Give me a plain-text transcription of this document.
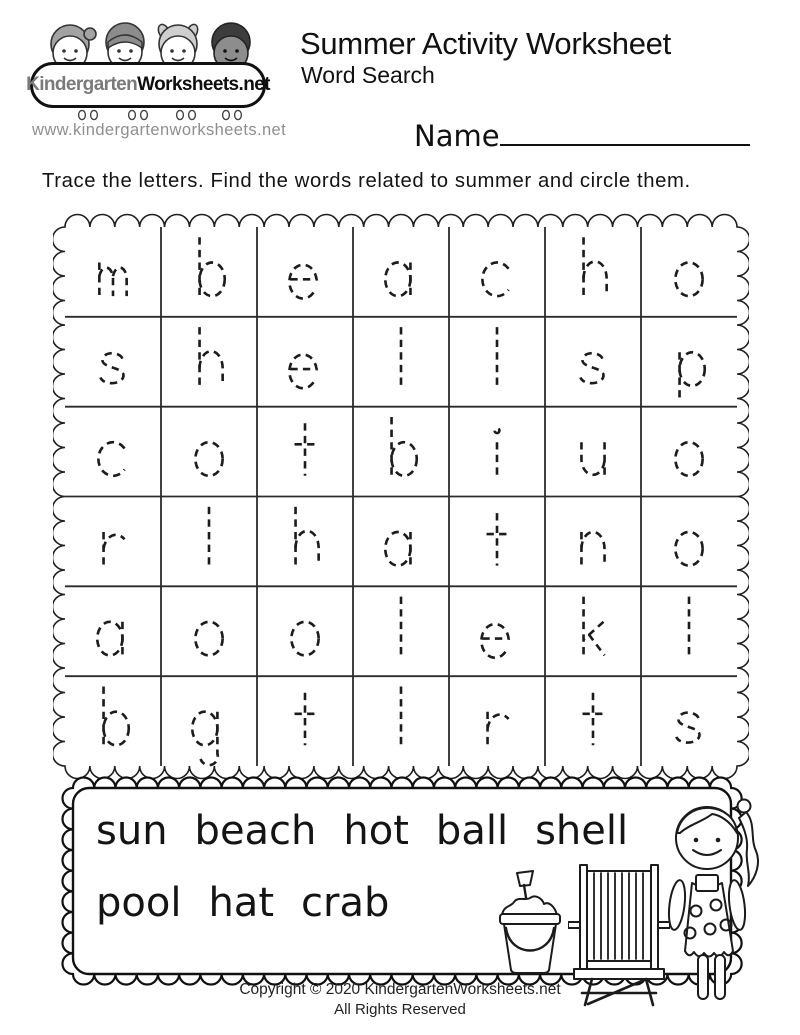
Kindergarten Worksheets.net
www.kindergartenworksheets.net
Summer Activity Worksheet
Word Search
Name
Trace the letters. Find the words related to summer and circle them.
sun beach hot ball shell
pool hat crab
Copyright © 2020 KindergartenWorksheets.net
All Rights Reserved
